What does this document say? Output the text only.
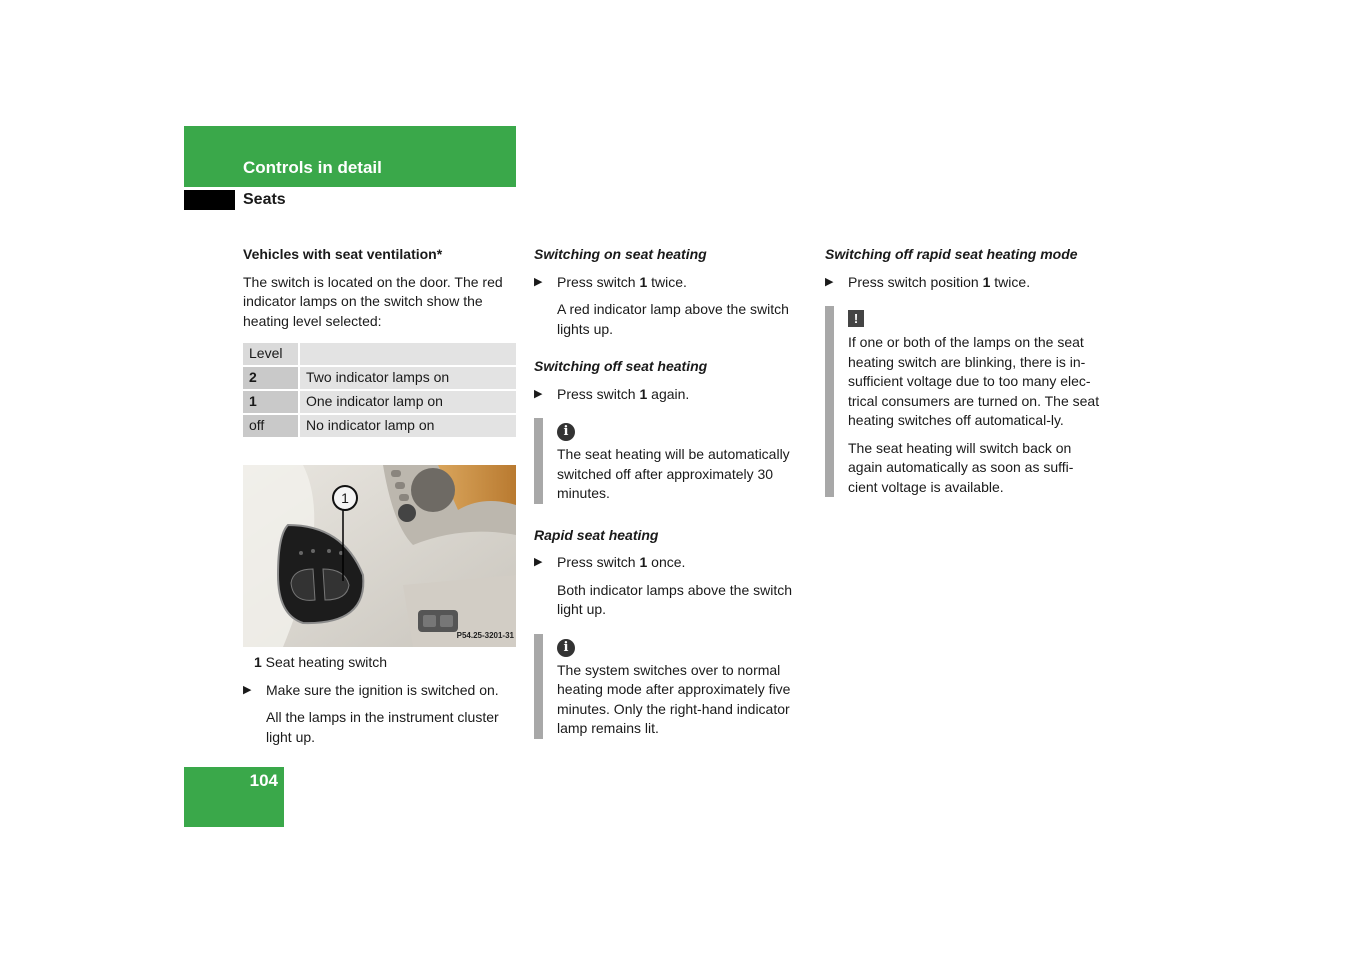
Controls in detail
Seats
Vehicles with seat ventilation*

The switch is located on the door. The red indicator lamps on the switch show the heating level selected:

Level	
2	Two indicator lamps on
1	One indicator lamp on
off	No indicator lamp on
1
P54.25-3201-31
1 Seat heating switch
▶ Make sure the ignition is switched on.
All the lamps in the instrument cluster light up.
Switching on seat heating
▶ Press switch 1 twice.
A red indicator lamp above the switch lights up.
Switching off seat heating
▶ Press switch 1 again.
i
The seat heating will be automatically switched off after approximately 30 minutes.
Rapid seat heating
▶ Press switch 1 once.
Both indicator lamps above the switch light up.
i
The system switches over to normal heating mode after approximately five minutes. Only the right-hand indicator lamp remains lit.
Switching off rapid seat heating mode
▶ Press switch position 1 twice.
!

If one or both of the lamps on the seat heating switch are blinking, there is in-sufficient voltage due to too many elec-trical consumers are turned on. The seat heating switches off automatical-ly.

The seat heating will switch back on again automatically as soon as suffi-cient voltage is available.
104
